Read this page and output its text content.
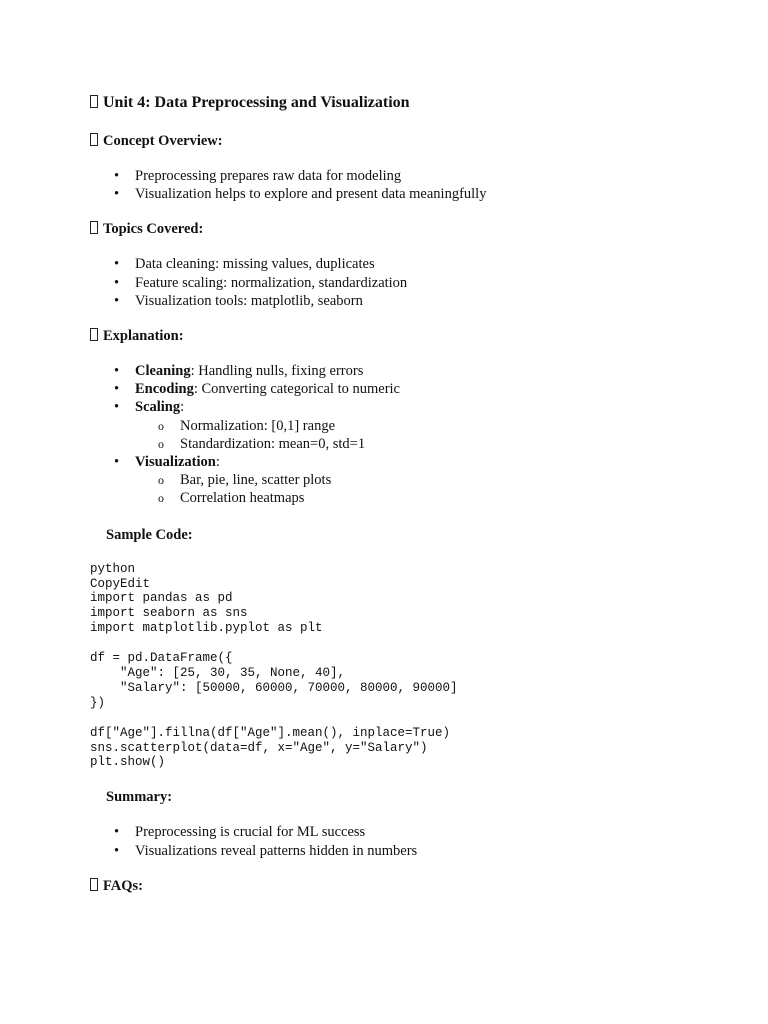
Unit 4: Data Preprocessing and Visualization
Concept Overview:
• Preprocessing prepares raw data for modeling
• Visualization helps to explore and present data meaningfully
Topics Covered:
• Data cleaning: missing values, duplicates
• Feature scaling: normalization, standardization
• Visualization tools: matplotlib, seaborn
Explanation:
• Cleaning: Handling nulls, fixing errors
• Encoding: Converting categorical to numeric
• Scaling:
o Normalization: [0,1] range
o Standardization: mean=0, std=1
• Visualization:
o Bar, pie, line, scatter plots
o Correlation heatmaps
Sample Code:
python
CopyEdit
import pandas as pd
import seaborn as sns
import matplotlib.pyplot as plt

df = pd.DataFrame({
"Age": [25, 30, 35, None, 40],
"Salary": [50000, 60000, 70000, 80000, 90000]
})

df["Age"].fillna(df["Age"].mean(), inplace=True)
sns.scatterplot(data=df, x="Age", y="Salary")
plt.show()
Summary:
• Preprocessing is crucial for ML success
• Visualizations reveal patterns hidden in numbers
FAQs:
